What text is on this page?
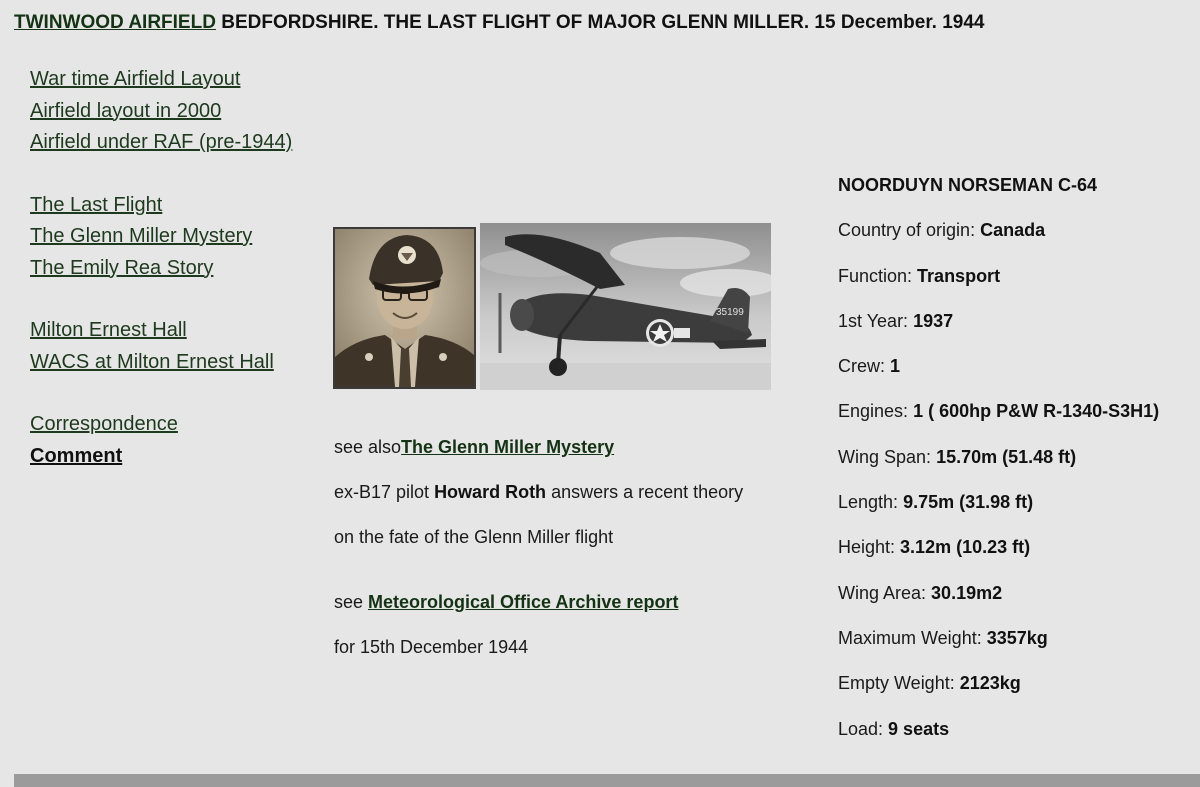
TWINWOOD AIRFIELD BEDFORDSHIRE. THE LAST FLIGHT OF MAJOR GLENN MILLER. 15 December. 1944
War time Airfield Layout
Airfield layout in 2000
Airfield under RAF (pre-1944)
The Last Flight
The Glenn Miller Mystery
The Emily Rea Story
Milton Ernest Hall
WACS at Milton Ernest Hall
Correspondence
Comment
35199

see alsoThe Glenn Miller Mystery

ex-B17 pilot Howard Roth answers a recent theory

on the fate of the Glenn Miller flight

see Meteorological Office Archive report

for 15th December 1944

NOORDUYN NORSEMAN C-64
Country of origin: Canada
Function: Transport
1st Year: 1937
Crew: 1
Engines: 1 ( 600hp P&W R-1340-S3H1)
Wing Span: 15.70m (51.48 ft)
Length: 9.75m (31.98 ft)
Height: 3.12m (10.23 ft)
Wing Area: 30.19m2
Maximum Weight: 3357kg
Empty Weight: 2123kg
Load: 9 seats
